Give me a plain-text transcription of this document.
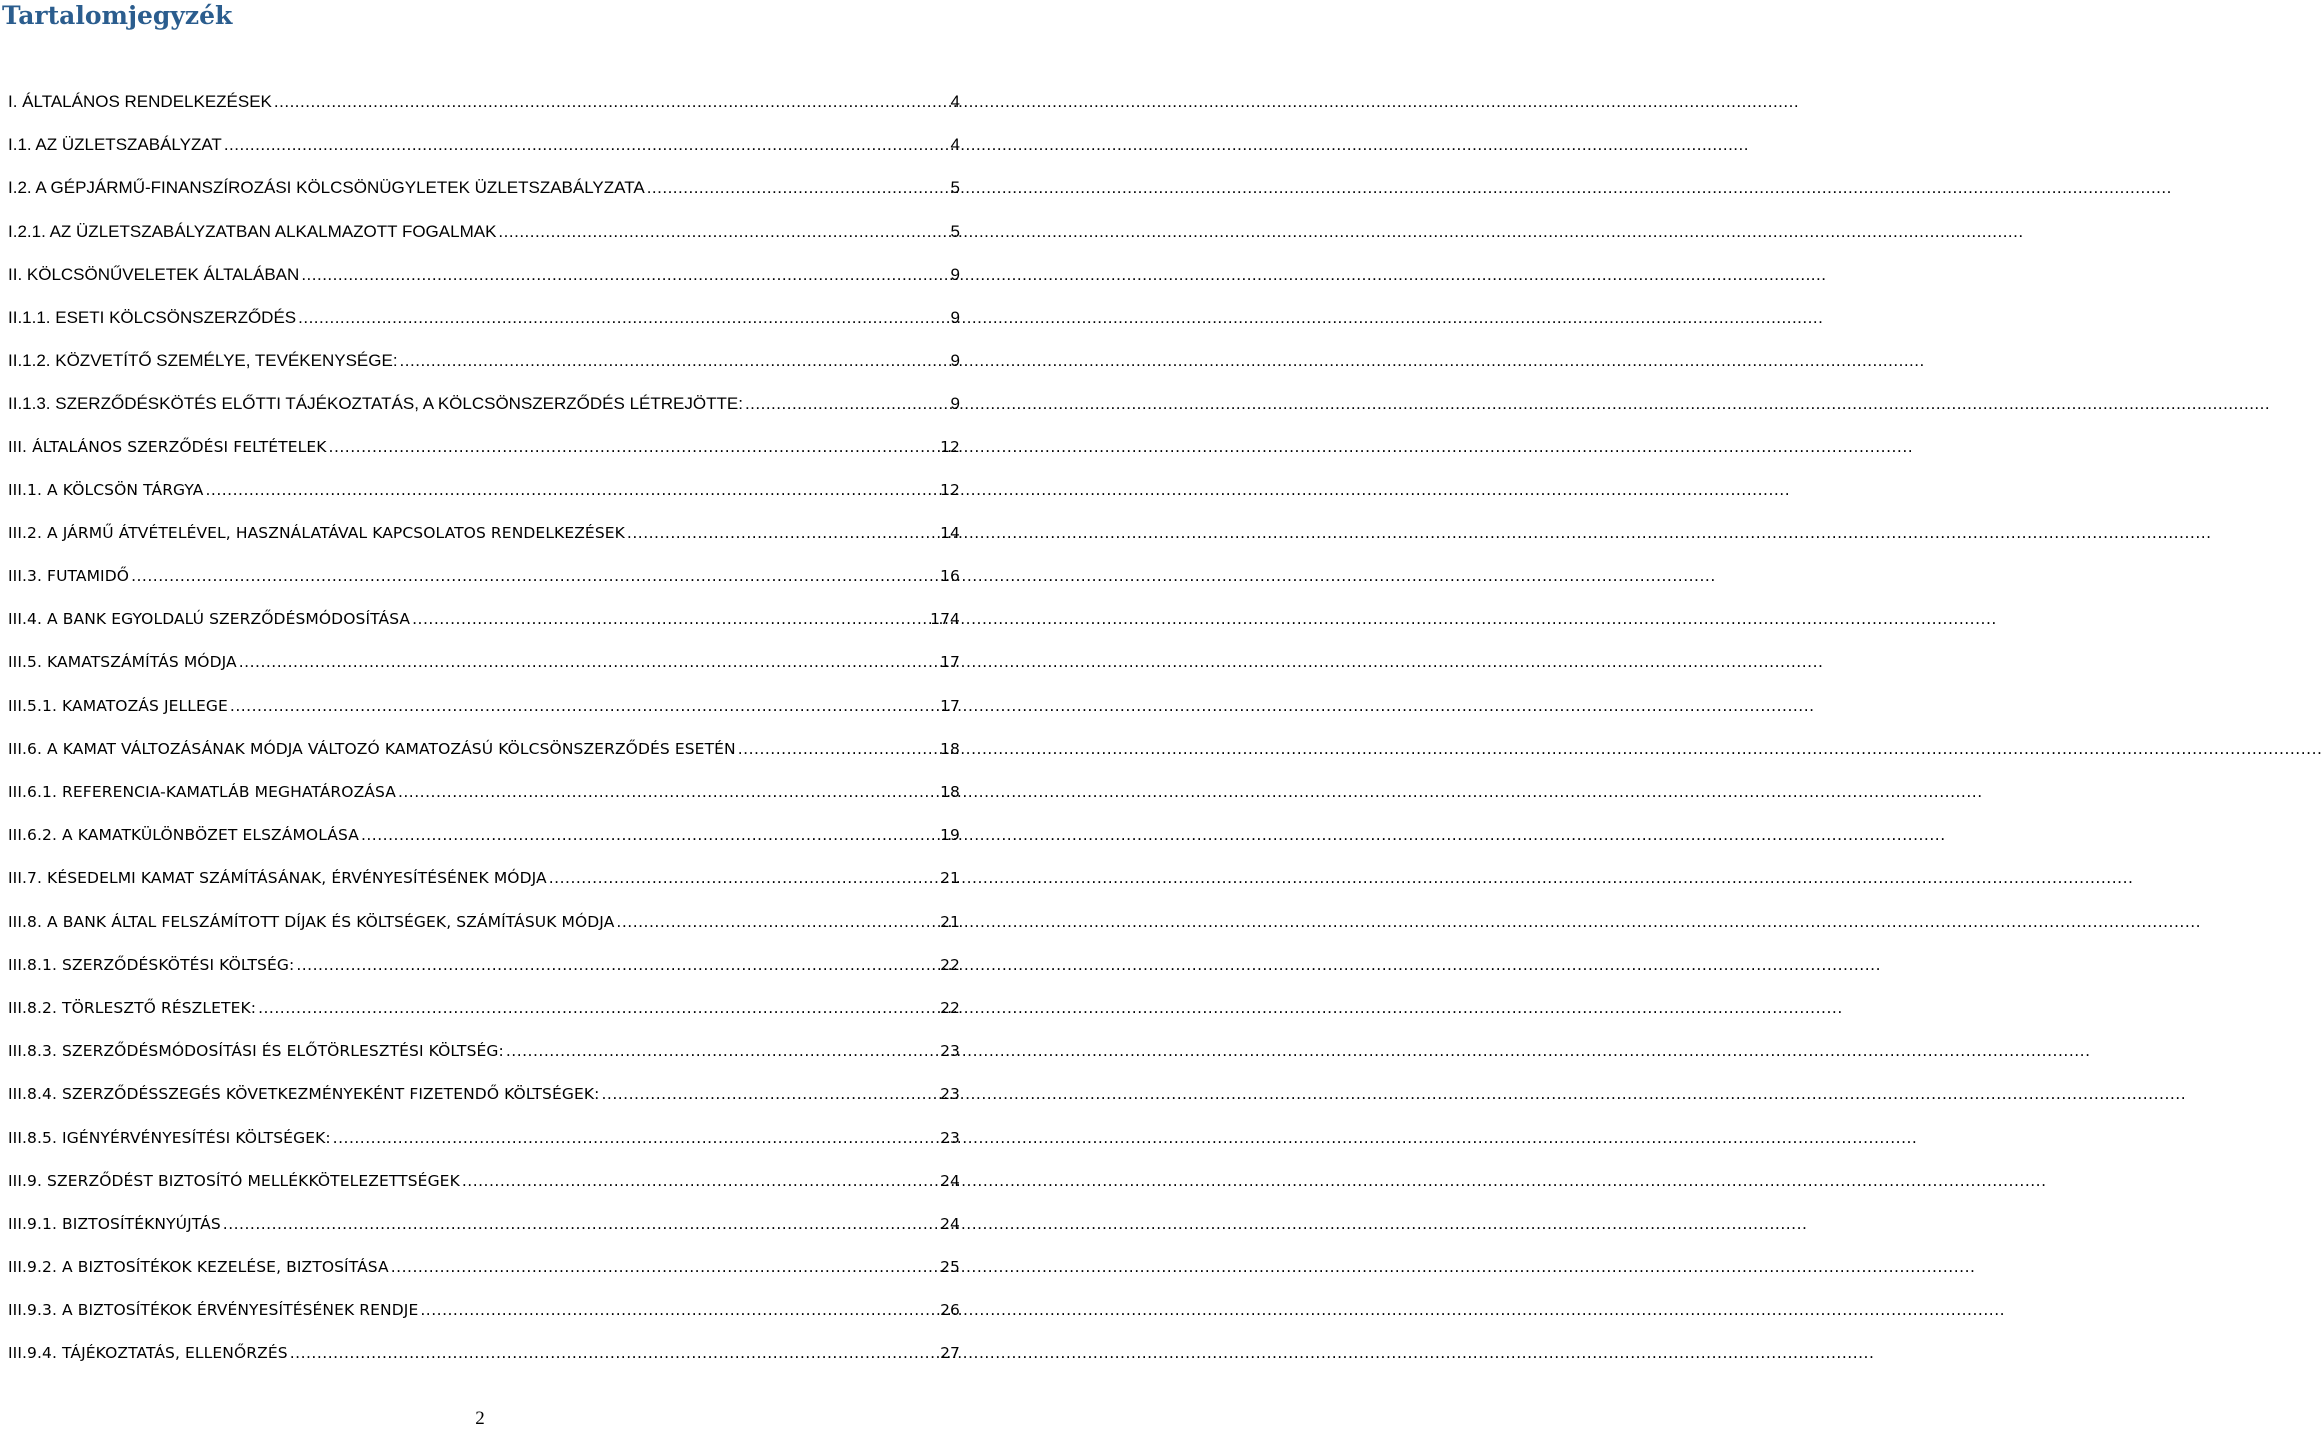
Tartalomjegyzék
I. ÁLTALÁNOS RENDELKEZÉSEK .....	4
I.1. AZ ÜZLETSZABÁLYZAT .....	4
I.2. A GÉPJÁRMŰ-FINANSZÍROZÁSI KÖLCSÖNÜGYLETEK ÜZLETSZABÁLYZATA .....	5
I.2.1. AZ ÜZLETSZABÁLYZATBAN ALKALMAZOTT FOGALMAK .....	5
II. KÖLCSÖNŰVELETEK ÁLTALÁBAN .....	9
II.1.1. ESETI KÖLCSÖNSZERZŐDÉS .....	9
II.1.2. KÖZVETÍTŐ SZEMÉLYE, TEVÉKENYSÉGE: .....	9
II.1.3. SZERZŐDÉSKÖTÉS ELŐTTI TÁJÉKOZTATÁS, A KÖLCSÖNSZERZŐDÉS LÉTREJÖTTE: .....	9
III. ÁLTALÁNOS SZERZŐDÉSI FELTÉTELEK .....	12
III.1. A KÖLCSÖN TÁRGYA .....	12
III.2. A JÁRMŰ ÁTVÉTELÉVEL, HASZNÁLATÁVAL KAPCSOLATOS RENDELKEZÉSEK .....	14
III.3. FUTAMIDŐ .....	16
III.4. A BANK EGYOLDALÚ SZERZŐDÉSMÓDOSÍTÁSA .....	174
III.5. KAMATSZÁMÍTÁS MÓDJA .....	17
III.5.1. KAMATOZÁS JELLEGE .....	17
III.6. A KAMAT VÁLTOZÁSÁNAK MÓDJA VÁLTOZÓ KAMATOZÁSÚ KÖLCSÖNSZERZŐDÉS ESETÉN .....	18
III.6.1. REFERENCIA-KAMATLÁB MEGHATÁROZÁSA .....	18
III.6.2. A KAMATKÜLÖNBÖZET ELSZÁMOLÁSA .....	19
III.7. KÉSEDELMI KAMAT SZÁMÍTÁSÁNAK, ÉRVÉNYESÍTÉSÉNEK MÓDJA .....	21
III.8. A BANK ÁLTAL FELSZÁMÍTOTT DÍJAK ÉS KÖLTSÉGEK, SZÁMÍTÁSUK MÓDJA .....	21
III.8.1. SZERZŐDÉSKÖTÉSI KÖLTSÉG: .....	22
III.8.2. TÖRLESZTŐ RÉSZLETEK: .....	22
III.8.3. SZERZŐDÉSMÓDOSÍTÁSI ÉS ELŐTÖRLESZTÉSI KÖLTSÉG: .....	23
III.8.4. SZERZŐDÉSSZEGÉS KÖVETKEZMÉNYEKÉNT FIZETENDŐ KÖLTSÉGEK: .....	23
III.8.5. IGÉNYÉRVÉNYESÍTÉSI KÖLTSÉGEK: .....	23
III.9. SZERZŐDÉST BIZTOSÍTÓ MELLÉKKÖTELEZETTSÉGEK .....	24
III.9.1. BIZTOSÍTÉKNYÚJTÁS .....	24
III.9.2. A BIZTOSÍTÉKOK KEZELÉSE, BIZTOSÍTÁSA .....	25
III.9.3. A BIZTOSÍTÉKOK ÉRVÉNYESÍTÉSÉNEK RENDJE .....	26
III.9.4. TÁJÉKOZTATÁS, ELLENŐRZÉS .....	27
2
